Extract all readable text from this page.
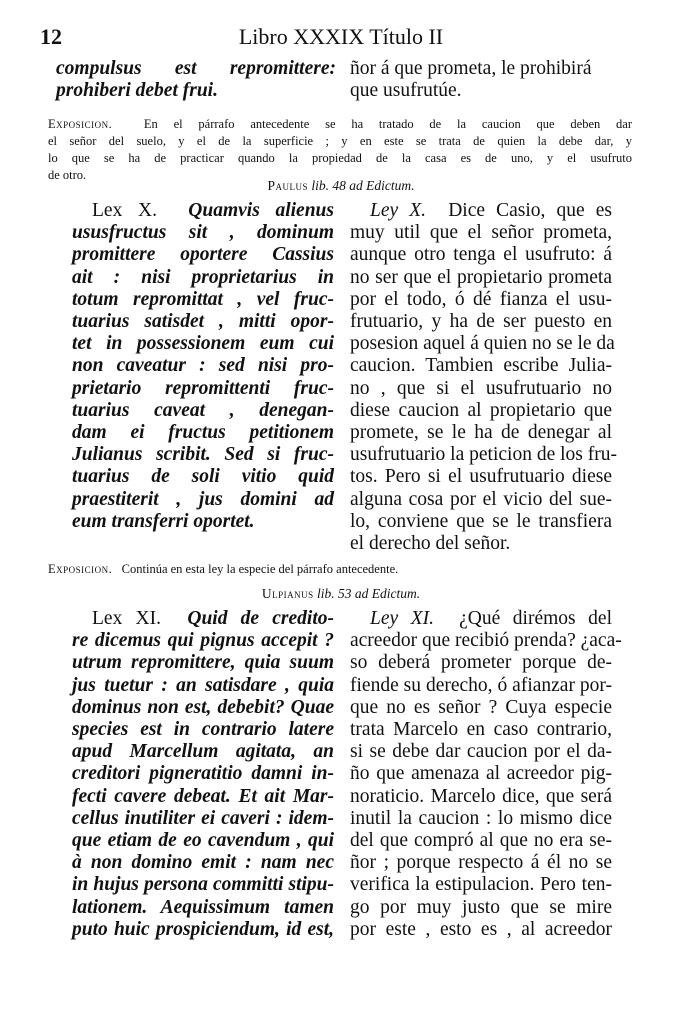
12	Libro XXXIX Título II
compulsus est repromittere:
prohiberi debet frui.
ñor á que prometa, le prohibirá
que usufrutúe.
Exposicion.	En el párrafo antecedente se ha tratado de la caucion que deben dar
el señor del suelo, y el de la superficie ; y en este se trata de quien la debe dar, y
lo que se ha de practicar quando la propiedad de la casa es de uno, y el usufruto
de otro.
Paulus lib. 48 ad Edictum.
Lex X. Quamvis alienus
ususfructus sit , dominum
promittere oportere Cassius
ait : nisi proprietarius in
totum repromittat , vel fruc-
tuarius satisdet , mitti opor-
tet in possessionem eum cui
non caveatur : sed nisi pro-
prietario repromittenti fruc-
tuarius caveat , denegan-
dam ei fructus petitionem
Julianus scribit. Sed si fruc-
tuarius de soli vitio quid
praestiterit , jus domini ad
eum transferri oportet.
Ley X. Dice Casio, que es
muy util que el señor prometa,
aunque otro tenga el usufruto: á
no ser que el propietario prometa
por el todo, ó dé fianza el usu-
frutuario, y ha de ser puesto en
posesion aquel á quien no se le da
caucion. Tambien escribe Julia-
no , que si el usufrutuario no
diese caucion al propietario que
promete, se le ha de denegar al
usufrutuario la peticion de los fru-
tos. Pero si el usufrutuario diese
alguna cosa por el vicio del sue-
lo, conviene que se le transfiera
el derecho del señor.
Exposicion. Continúa en esta ley la especie del párrafo antecedente.
Ulpianus lib. 53 ad Edictum.
Lex XI. Quid de credito-
re dicemus qui pignus accepit ?
utrum repromittere, quia suum
jus tuetur : an satisdare , quia
dominus non est, debebit? Quae
species est in contrario latere
apud Marcellum agitata, an
creditori pigneratitio damni in-
fecti cavere debeat. Et ait Mar-
cellus inutiliter ei caveri : idem-
que etiam de eo cavendum , qui
à non domino emit : nam nec
in hujus persona committi stipu-
lationem. Aequissimum tamen
puto huic prospiciendum, id est,
Ley XI. ¿Qué dirémos del
acreedor que recibió prenda? ¿aca-
so deberá prometer porque de-
fiende su derecho, ó afianzar por-
que no es señor ? Cuya especie
trata Marcelo en caso contrario,
si se debe dar caucion por el da-
ño que amenaza al acreedor pig-
noraticio. Marcelo dice, que será
inutil la caucion : lo mismo dice
del que compró al que no era se-
ñor ; porque respecto á él no se
verifica la estipulacion. Pero ten-
go por muy justo que se mire
por este , esto es , al acreedor
